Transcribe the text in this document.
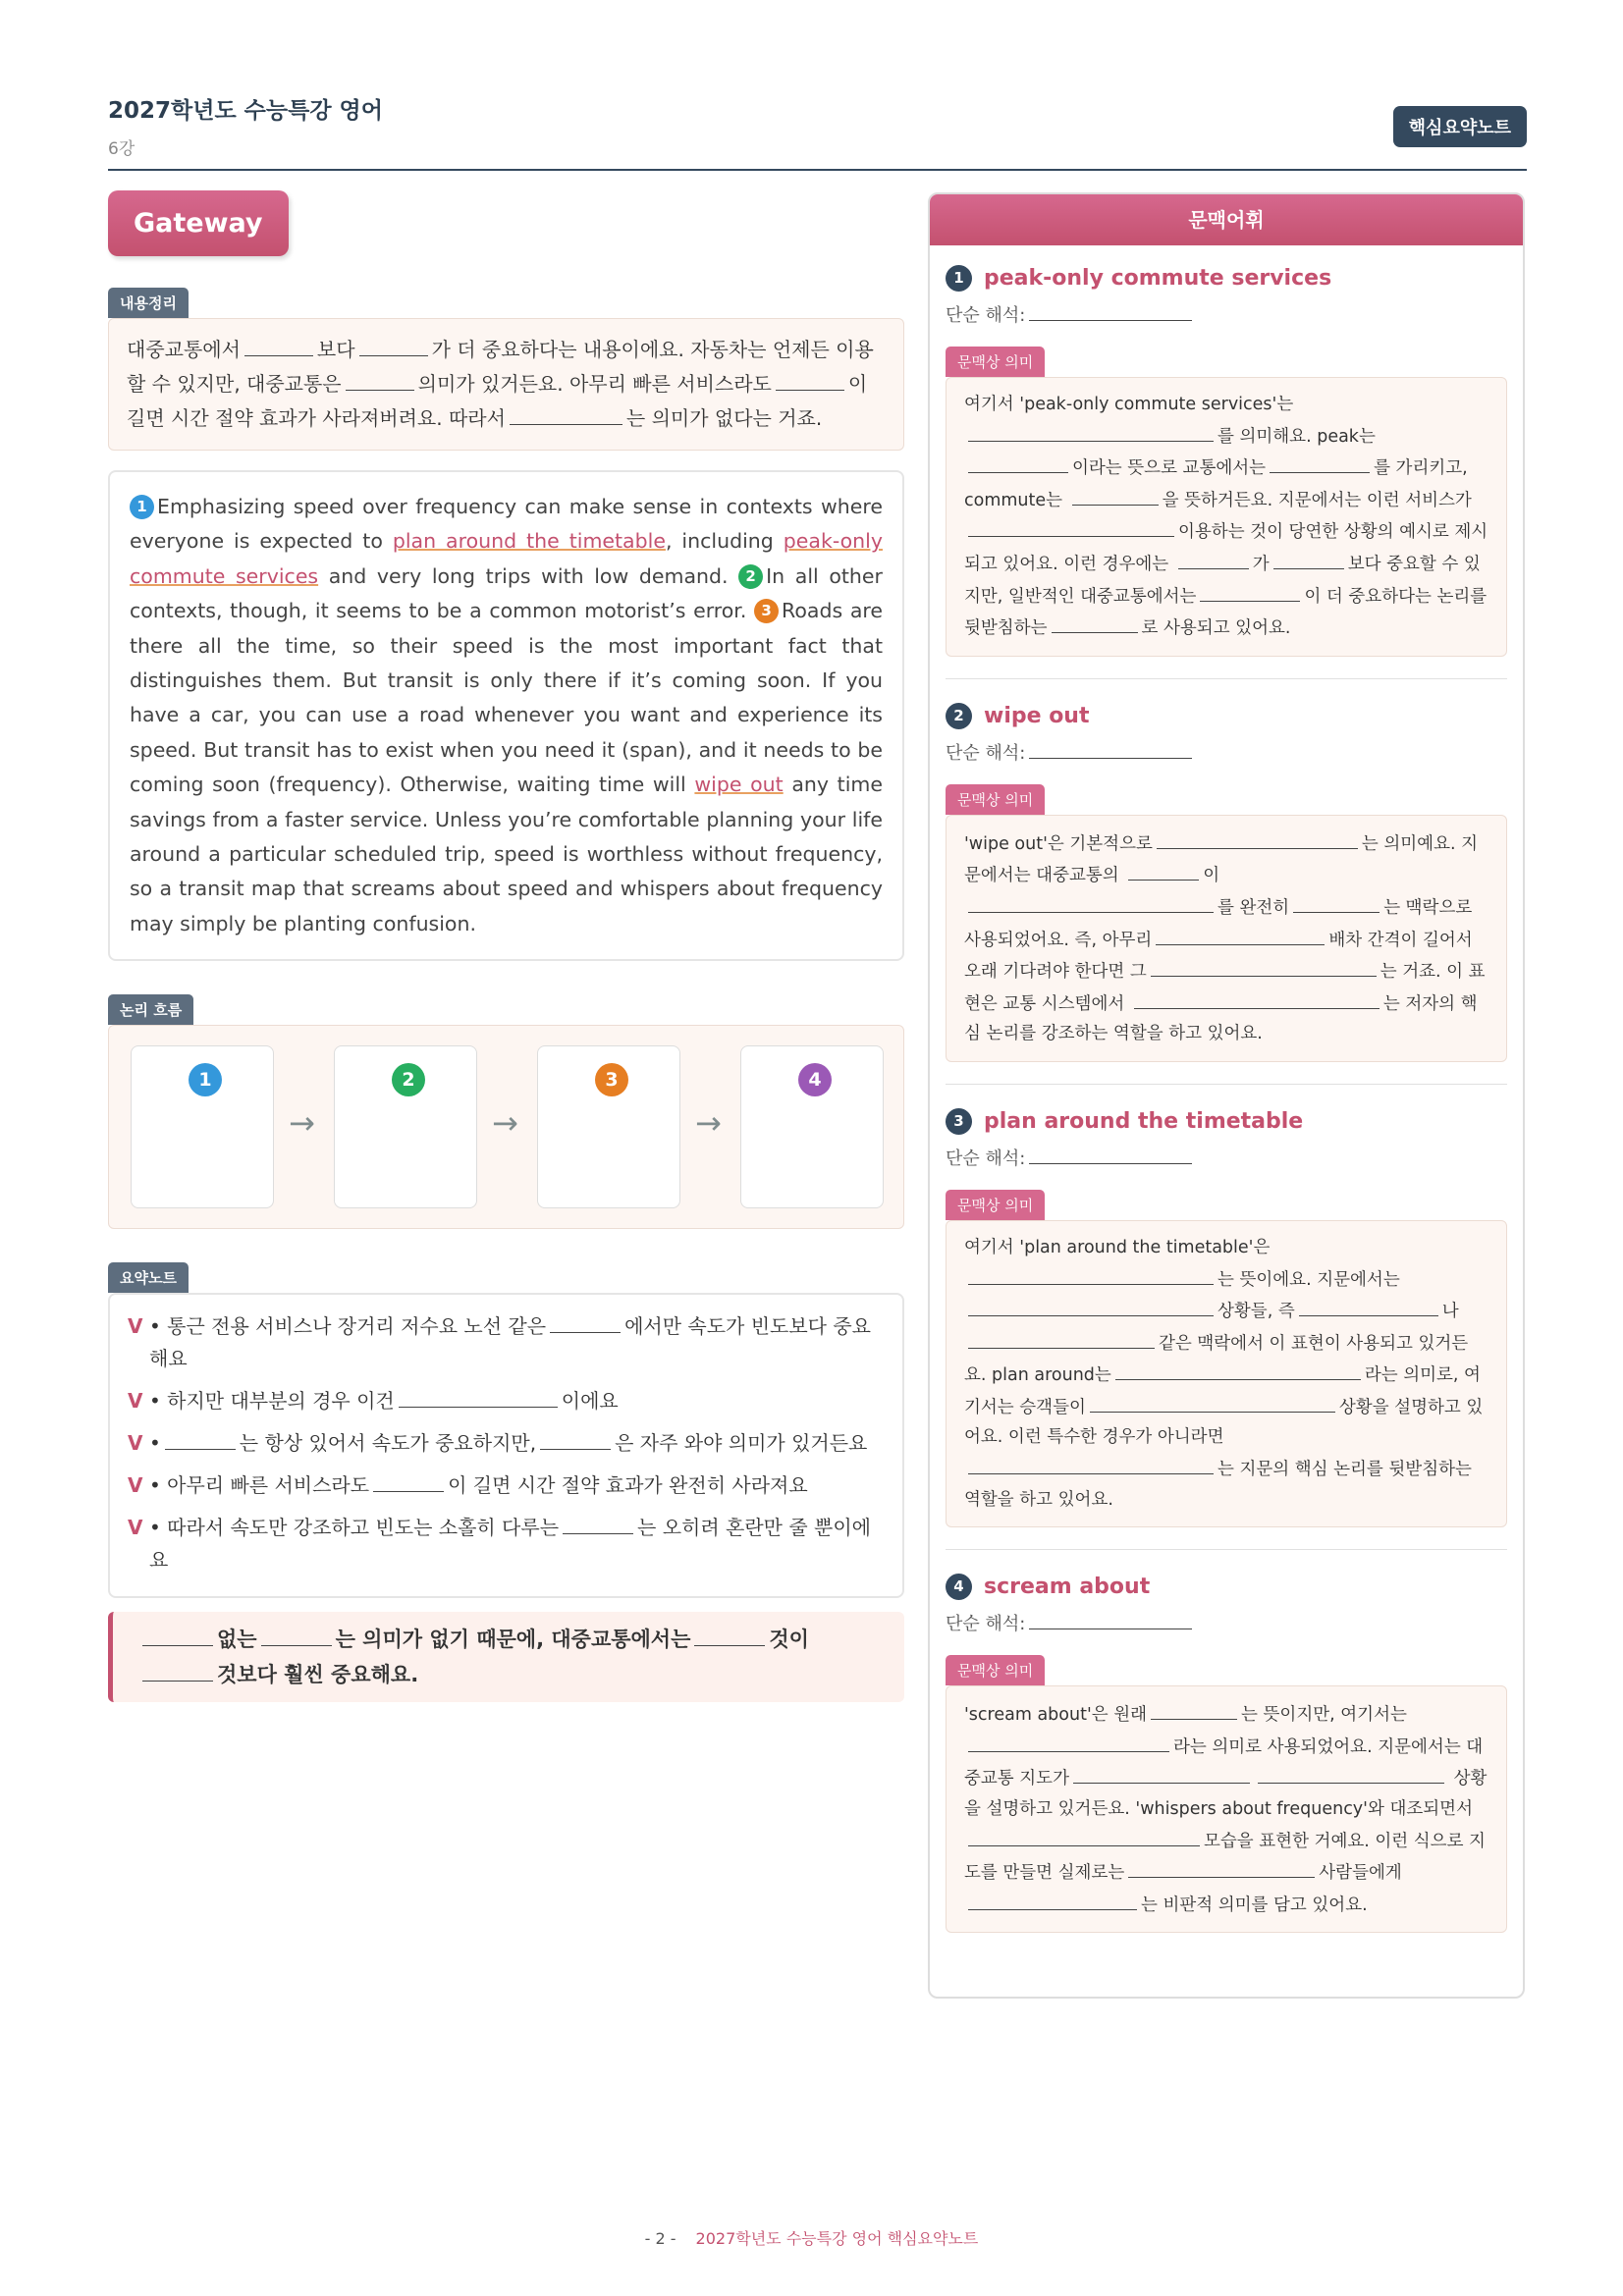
2027학년도 수능특강 영어
6강
핵심요약노트
Gateway
내용정리
대중교통에서	보다	가 더 중요하다는 내용이에요. 자동차는 언제든 이용할 수 있지만, 대중교통은	의미가 있거든요. 아무리 빠른 서비스라도	이 길면 시간 절약 효과가 사라져버려요. 따라서	는 의미가 없다는 거죠.
1 Emphasizing speed over frequency can make sense in contexts where everyone is expected to plan around the timetable, including peak-only commute services and very long trips with low demand. 2 In all other contexts, though, it seems to be a common motorist’s error. 3 Roads are there all the time, so their speed is the most important fact that distinguishes them. But transit is only there if it’s coming soon. If you have a car, you can use a road whenever you want and experience its speed. But transit has to exist when you need it (span), and it needs to be coming soon (frequency). Otherwise, waiting time will wipe out any time savings from a faster service. Unless you’re comfortable planning your life around a particular scheduled trip, speed is worthless without frequency, so a transit map that screams about speed and whispers about frequency may simply be planting confusion.
논리 흐름
1
→
2
→
3
→
4
요약노트
V • 통근 전용 서비스나 장거리 저수요 노선 같은	에서만 속도가 빈도보다 중요해요
V • 하지만 대부분의 경우 이건	이에요
V •	는 항상 있어서 속도가 중요하지만,	은 자주 와야 의미가 있거든요
V • 아무리 빠른 서비스라도	이 길면 시간 절약 효과가 완전히 사라져요
V • 따라서 속도만 강조하고 빈도는 소홀히 다루는	는 오히려 혼란만 줄 뿐이에요
없는	는 의미가 없기 때문에, 대중교통에서는	것이
것보다 훨씬 중요해요.
문맥어휘
1 peak-only commute services
단순 해석:
문맥상 의미
여기서 'peak-only commute services'는
를 의미해요. peak는
이라는 뜻으로 교통에서는	를 가리키고, commute는	을 뜻하거든요. 지문에서는 이런 서비스가 이용하는 것이 당연한 상황의 예시로 제시되고 있어요. 이런 경우에는	가	보다 중요할 수 있지만, 일반적인 대중교통에서는	이 더 중요하다는 논리를 뒷받침하는	로 사용되고 있어요.
2 wipe out
단순 해석:
문맥상 의미
'wipe out'은 기본적으로	는 의미예요. 지문에서는 대중교통의	이
를 완전히	는 맥락으로 사용되었어요. 즉, 아무리	배차 간격이 길어서 오래 기다려야 한다면 그	는 거죠. 이 표현은 교통 시스템에서	는 저자의 핵심 논리를 강조하는 역할을 하고 있어요.
3 plan around the timetable
단순 해석:
문맥상 의미
여기서 'plan around the timetable'은
는 뜻이에요. 지문에서는
상황들, 즉	나 같은 맥락에서 이 표현이 사용되고 있거든요. plan around는	라는 의미로, 여기서는 승객들이	상황을 설명하고 있어요. 이런 특수한 경우가 아니라면
는 지문의 핵심 논리를 뒷받침하는 역할을 하고 있어요.
4 scream about
단순 해석:
문맥상 의미
'scream about'은 원래	는 뜻이지만, 여기서는
라는 의미로 사용되었어요. 지문에서는 대중교통 지도가	상황을 설명하고 있거든요. 'whispers about frequency'와 대조되면서모습을 표현한 거예요. 이런 식으로 지도를 만들면 실제로는	사람들에게
는 비판적 의미를 담고 있어요.
- 2 - 2027학년도 수능특강 영어 핵심요약노트
